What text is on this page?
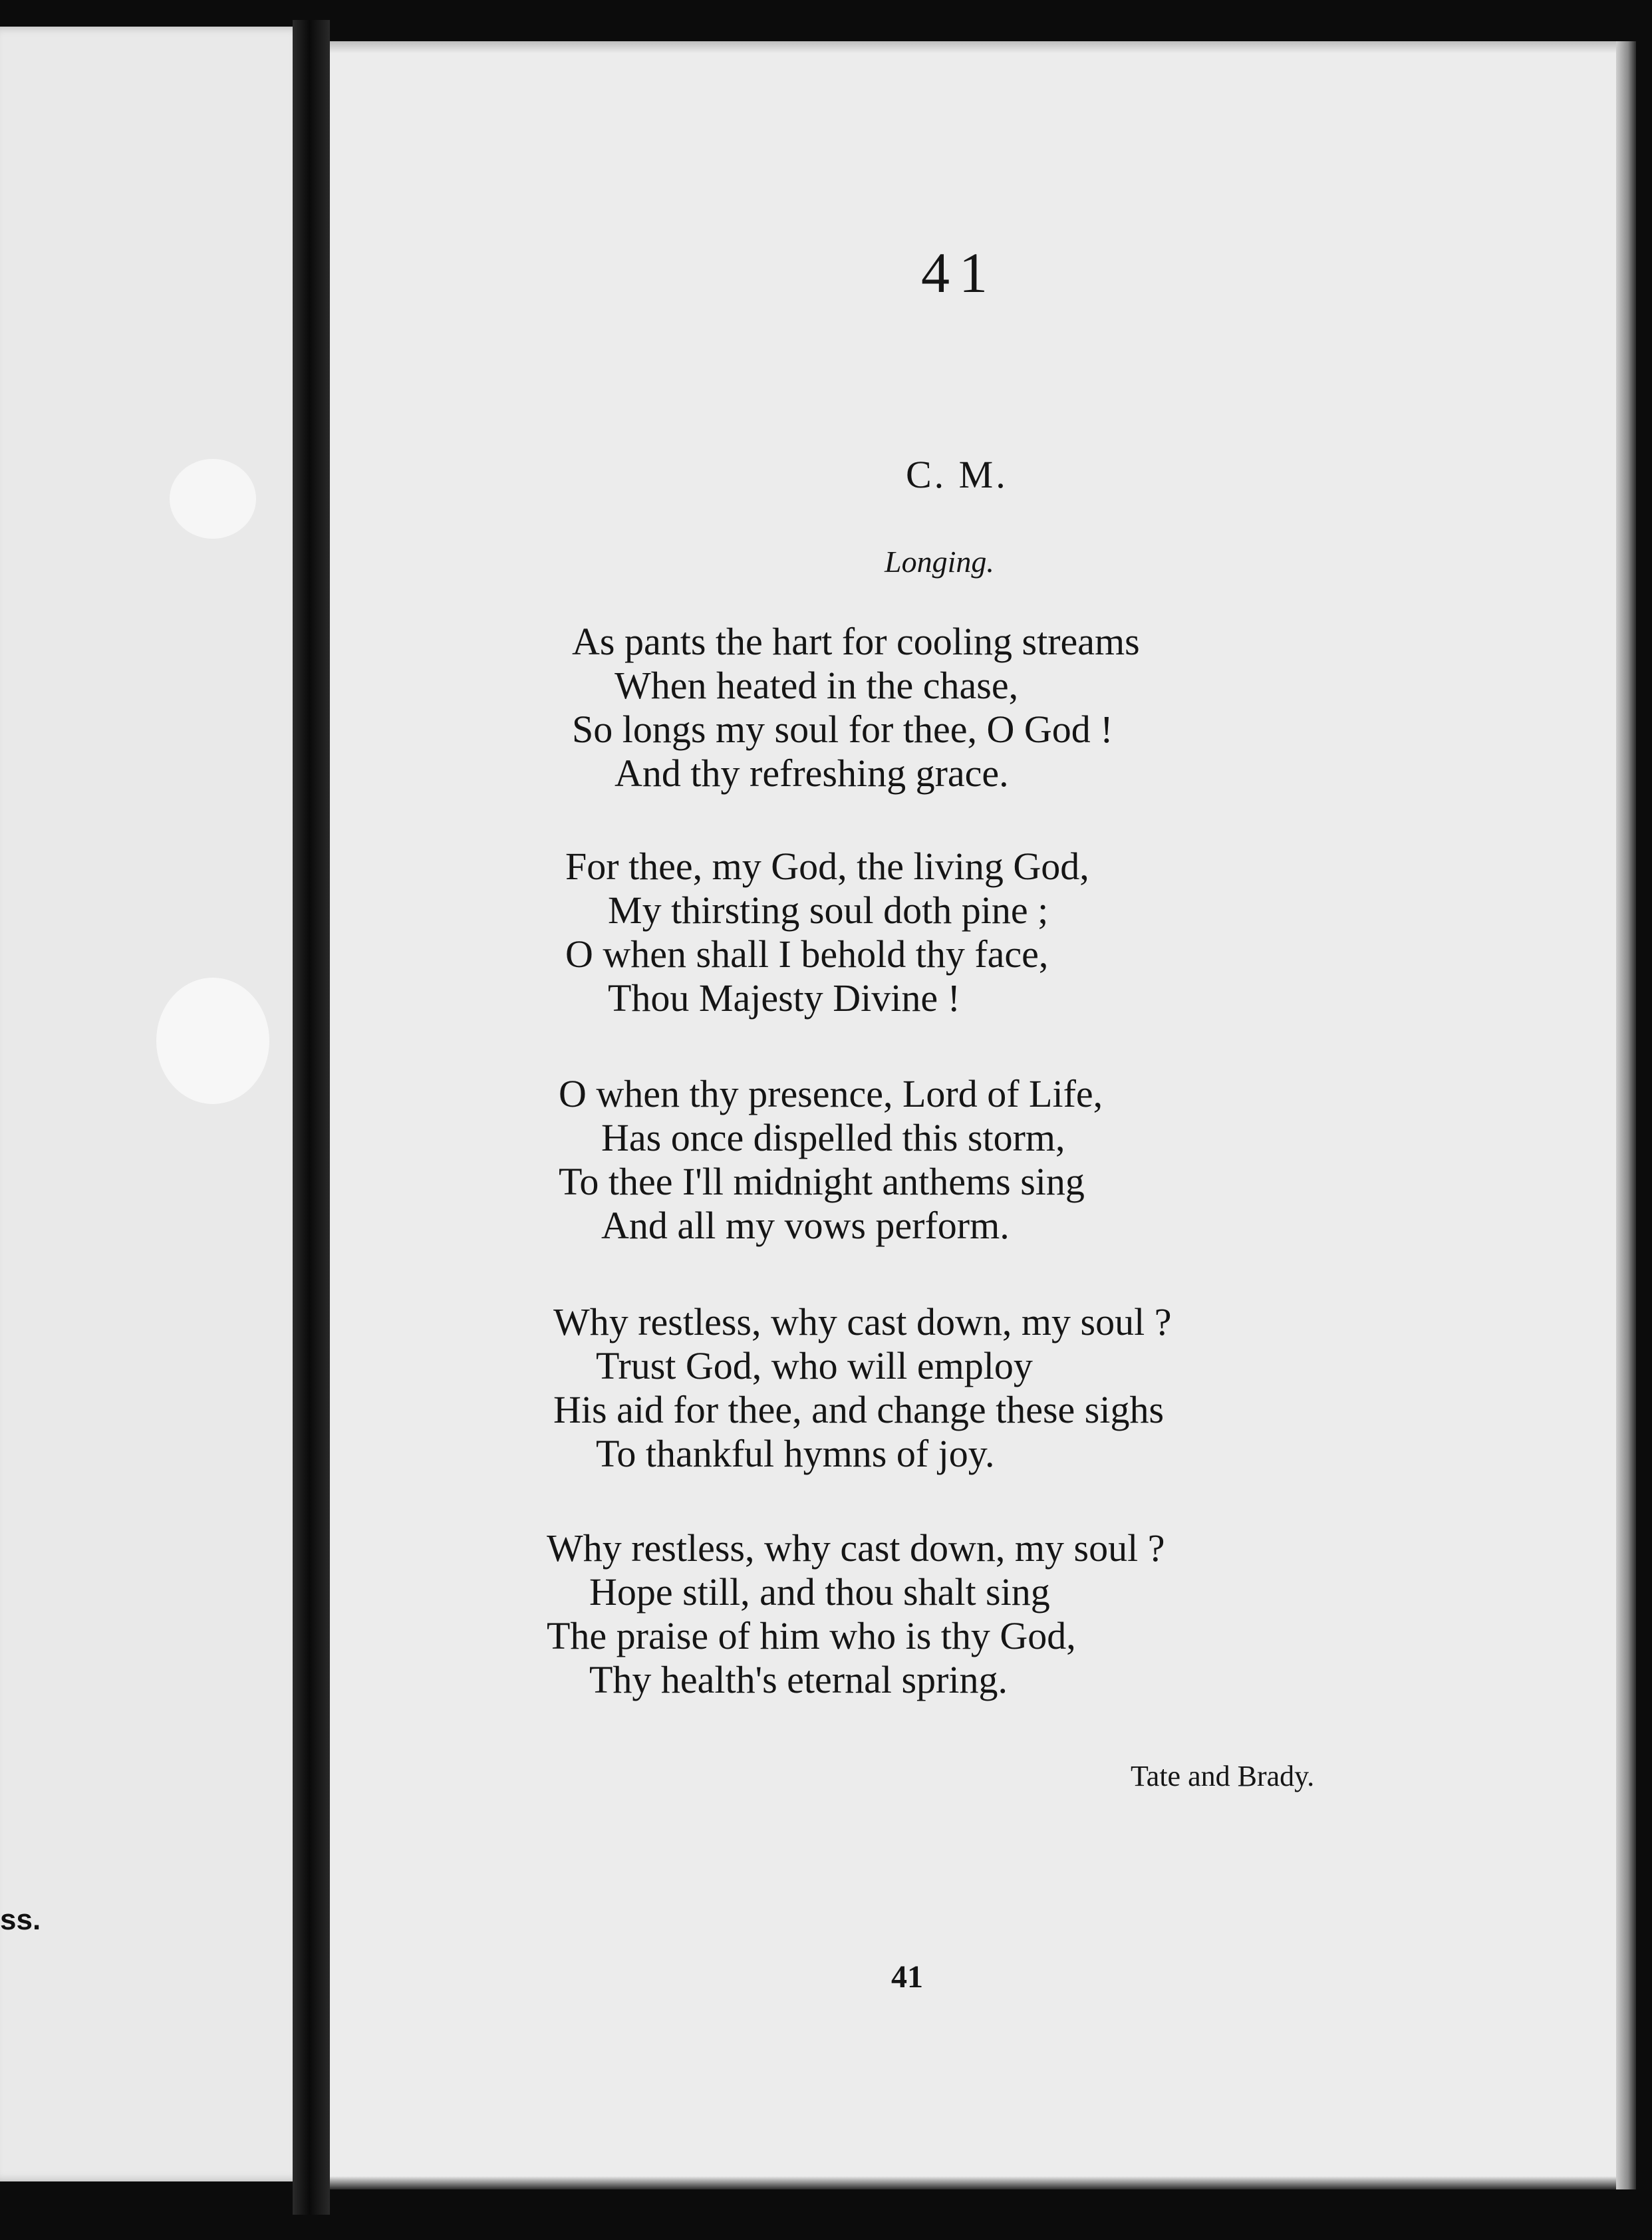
ss.
41
C. M.
Longing.
As pants the hart for cooling streams
When heated in the chase,
So longs my soul for thee, O God !
And thy refreshing grace.
For thee, my God, the living God,
My thirsting soul doth pine ;
O when shall I behold thy face,
Thou Majesty Divine !
O when thy presence, Lord of Life,
Has once dispelled this storm,
To thee I'll midnight anthems sing
And all my vows perform.
Why restless, why cast down, my soul ?
Trust God, who will employ
His aid for thee, and change these sighs
To thankful hymns of joy.
Why restless, why cast down, my soul ?
Hope still, and thou shalt sing
The praise of him who is thy God,
Thy health's eternal spring.
Tate and Brady.
41
